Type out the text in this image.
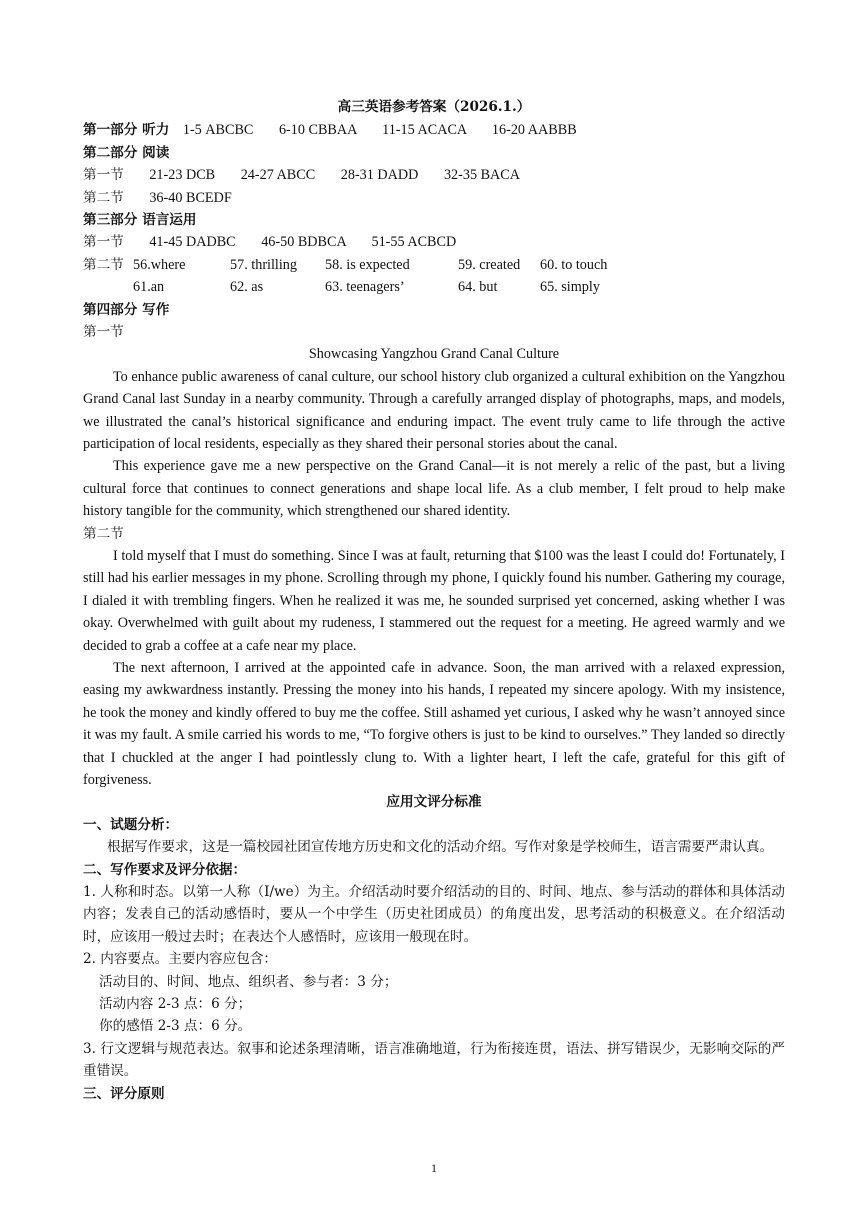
高三英语参考答案（2026.1.）
第一部分 听力 1-5 ABCBC 6-10 CBBAA 11-15 ACACA 16-20 AABBB
第二部分 阅读
第一节 21-23 DCB 24-27 ABCC 28-31 DADD 32-35 BACA
第二节 36-40 BCEDF
第三部分 语言运用
第一节 41-45 DADBC 46-50 BDBCA 51-55 ACBCD
第二节 56.where	57. thrilling	58. is expected	59. created	60. to touch
61.an	62. as	63. teenagers’	64. but	65. simply
第四部分 写作
第一节
Showcasing Yangzhou Grand Canal Culture
To enhance public awareness of canal culture, our school history club organized a cultural exhibition on the Yangzhou Grand Canal last Sunday in a nearby community. Through a carefully arranged display of photographs, maps, and models, we illustrated the canal’s historical significance and enduring impact. The event truly came to life through the active participation of local residents, especially as they shared their personal stories about the canal.
This experience gave me a new perspective on the Grand Canal—it is not merely a relic of the past, but a living cultural force that continues to connect generations and shape local life. As a club member, I felt proud to help make history tangible for the community, which strengthened our shared identity.
第二节
I told myself that I must do something. Since I was at fault, returning that $100 was the least I could do! Fortunately, I still had his earlier messages in my phone. Scrolling through my phone, I quickly found his number. Gathering my courage, I dialed it with trembling fingers. When he realized it was me, he sounded surprised yet concerned, asking whether I was okay. Overwhelmed with guilt about my rudeness, I stammered out the request for a meeting. He agreed warmly and we decided to grab a coffee at a cafe near my place.
The next afternoon, I arrived at the appointed cafe in advance. Soon, the man arrived with a relaxed expression, easing my awkwardness instantly. Pressing the money into his hands, I repeated my sincere apology. With my insistence, he took the money and kindly offered to buy me the coffee. Still ashamed yet curious, I asked why he wasn’t annoyed since it was my fault. A smile carried his words to me, “To forgive others is just to be kind to ourselves.” They landed so directly that I chuckled at the anger I had pointlessly clung to. With a lighter heart, I left the cafe, grateful for this gift of forgiveness.
应用文评分标准
一、试题分析：
根据写作要求，这是一篇校园社团宣传地方历史和文化的活动介绍。写作对象是学校师生，语言需要严肃认真。
二、写作要求及评分依据：
1. 人称和时态。以第一人称（I/we）为主。介绍活动时要介绍活动的目的、时间、地点、参与活动的群体和具体活动内容；发表自己的活动感悟时，要从一个中学生（历史社团成员）的角度出发，思考活动的积极意义。在介绍活动时，应该用一般过去时；在表达个人感悟时，应该用一般现在时。
2. 内容要点。主要内容应包含：
活动目的、时间、地点、组织者、参与者：3 分；
活动内容 2-3 点：6 分；
你的感悟 2-3 点：6 分。
3. 行文逻辑与规范表达。叙事和论述条理清晰，语言准确地道，行为衔接连贯，语法、拼写错误少，无影响交际的严重错误。
三、评分原则
1
